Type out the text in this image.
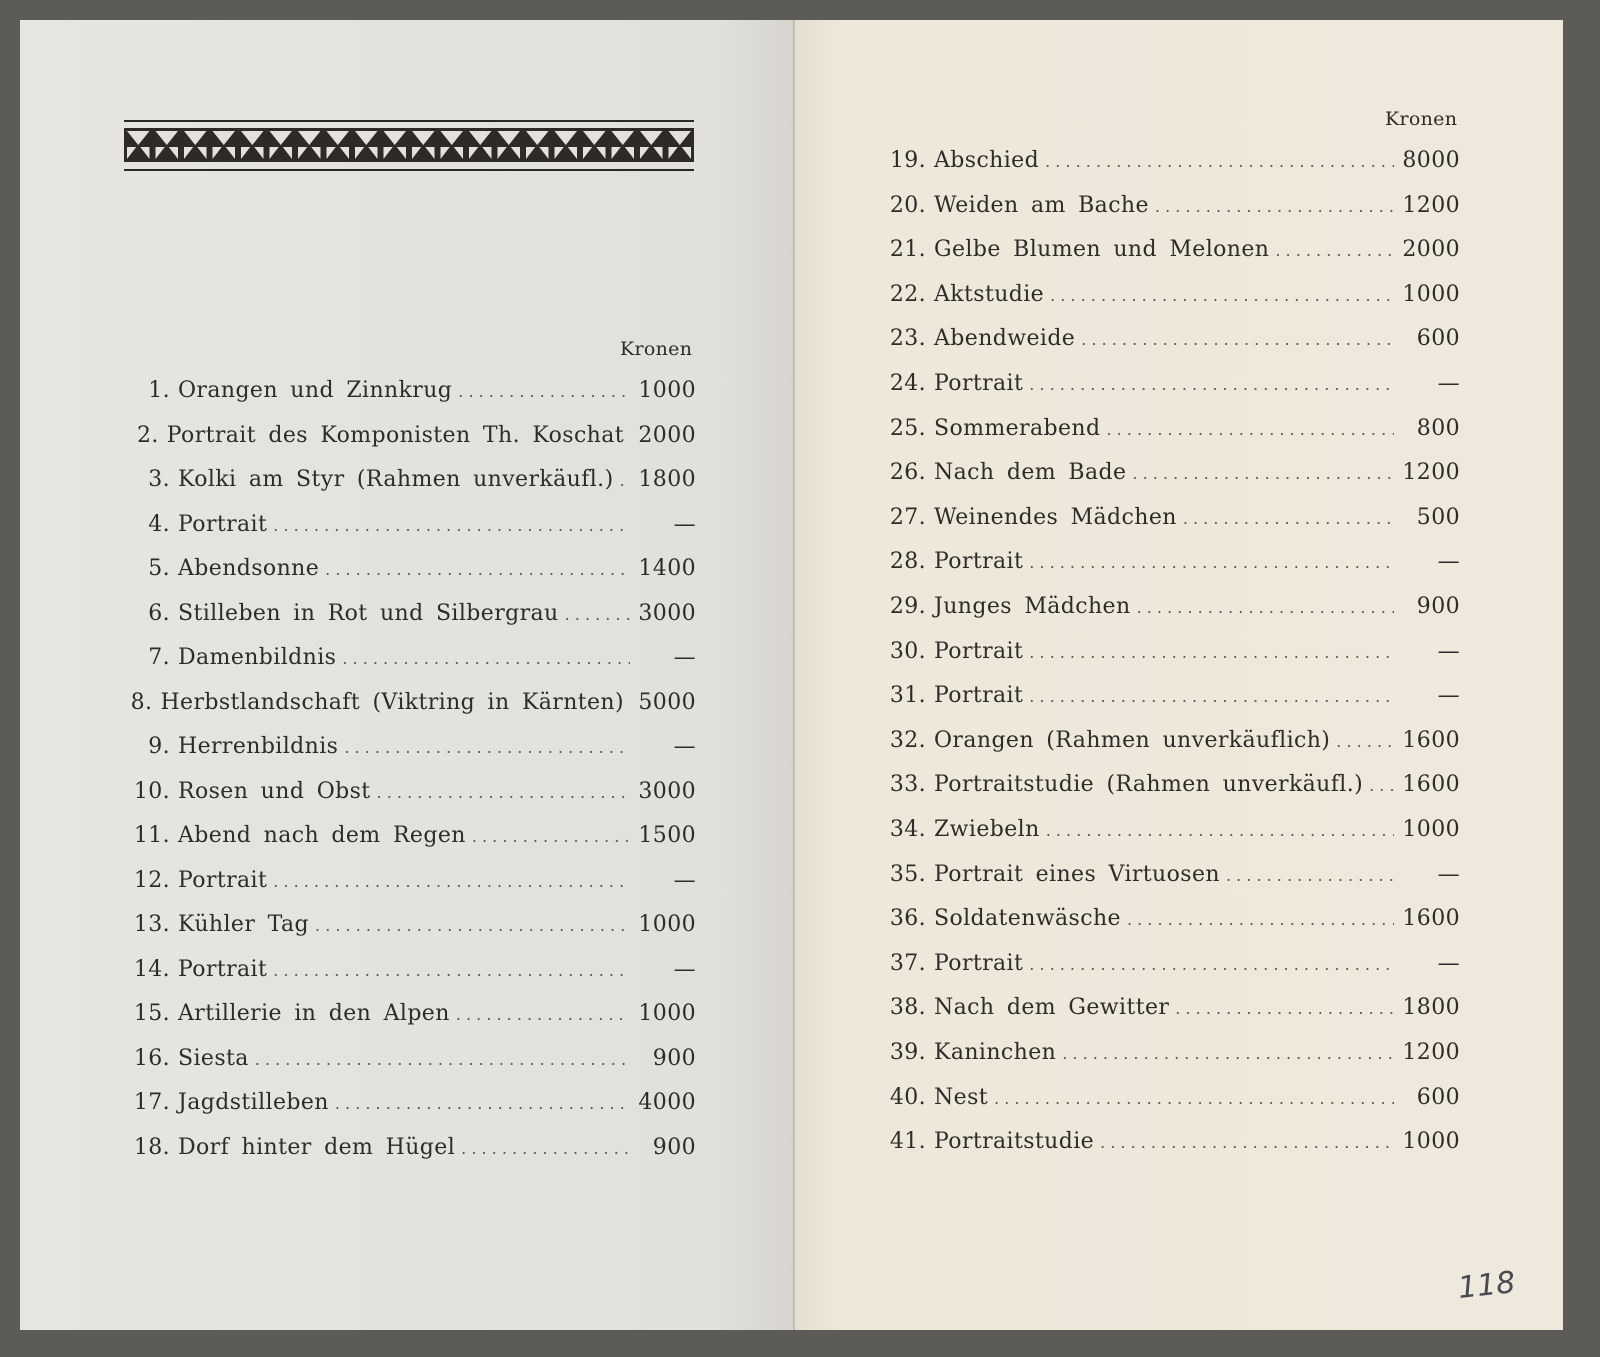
Kronen
Kronen
1. Orangen und Zinnkrug . . .	1000
2. Portrait des Komponisten Th. Koschat 2000
3. Kolki am Styr (Rahmen unverkäufl.) . . . 1800
4. Portrait . . .	—
5. Abendsonne . . .	1400
6. Stilleben in Rot und Silbergrau . . .	3000
7. Damenbildnis . . .	—
8. Herbstlandschaft (Viktring in Kärnten) 5000
9. Herrenbildnis . . .	—
10. Rosen und Obst . . .	3000
11. Abend nach dem Regen . . .	1500
12. Portrait . . .	—
13. Kühler Tag . . .	1000
14. Portrait . . .	—
15. Artillerie in den Alpen . . .	1000
16. Siesta . . .	900
17. Jagdstilleben . . .	4000
18. Dorf hinter dem Hügel . . .	900
19. Abschied . . .	8000
20. Weiden am Bache . . .	1200
21. Gelbe Blumen und Melonen . . .	2000
22. Aktstudie . . .	1000
23. Abendweide . . .	600
24. Portrait . . .	—
25. Sommerabend . . .	800
26. Nach dem Bade . . .	1200
27. Weinendes Mädchen . . .	500
28. Portrait . . .	—
29. Junges Mädchen . . .	900
30. Portrait . . .	—
31. Portrait . . .	—
32. Orangen (Rahmen unverkäuflich) . . .	1600
33. Portraitstudie (Rahmen unverkäufl.) . . . 1600
34. Zwiebeln . . .	1000
35. Portrait eines Virtuosen . . .	—
36. Soldatenwäsche . . .	1600
37. Portrait . . .	—
38. Nach dem Gewitter . . .	1800
39. Kaninchen . . .	1200
40. Nest . . .	600
41. Portraitstudie . . .	1000
118
